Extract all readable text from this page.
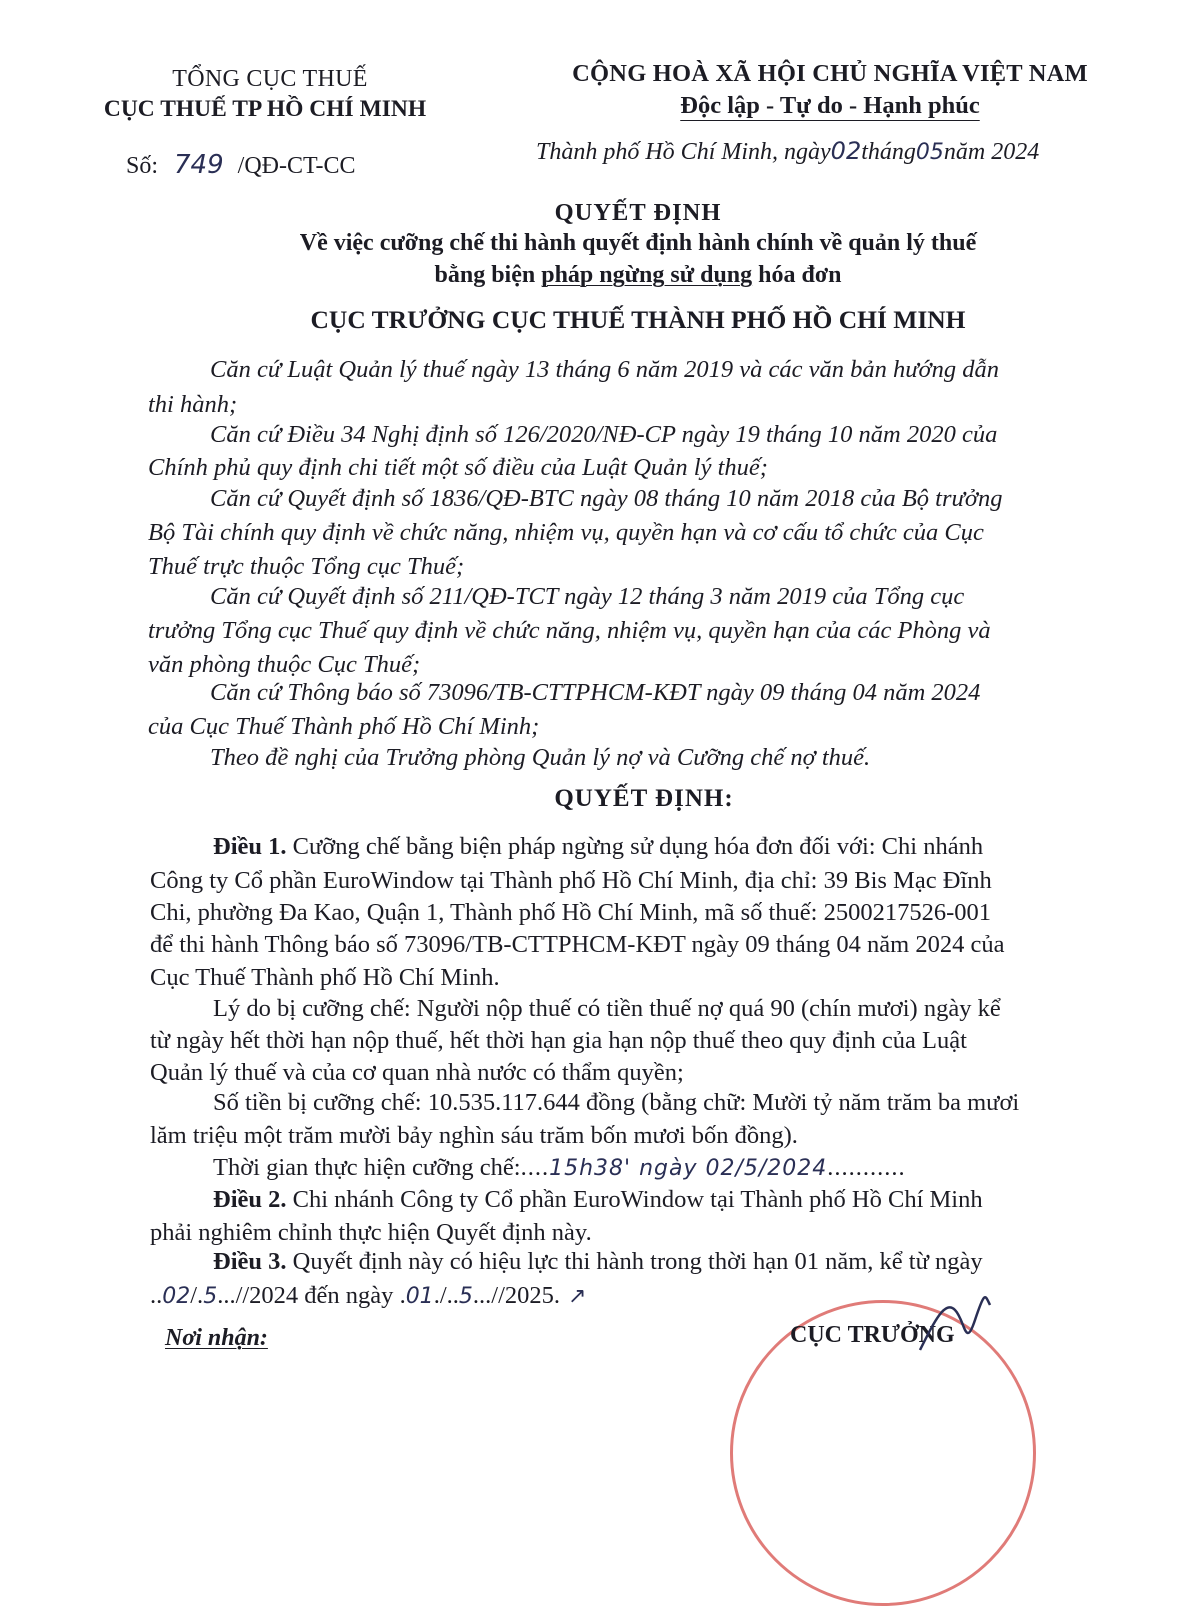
TỔNG CỤC THUẾ
CỤC THUẾ TP HỒ CHÍ MINH
Số: 749 /QĐ-CT-CC
CỘNG HOÀ XÃ HỘI CHỦ NGHĨA VIỆT NAM
Độc lập - Tự do - Hạnh phúc
Thành phố Hồ Chí Minh, ngày02tháng05năm 2024
QUYẾT ĐỊNH
Về việc cưỡng chế thi hành quyết định hành chính về quản lý thuế
bằng biện pháp ngừng sử dụng hóa đơn
CỤC TRƯỞNG CỤC THUẾ THÀNH PHỐ HỒ CHÍ MINH
Căn cứ Luật Quản lý thuế ngày 13 tháng 6 năm 2019 và các văn bản hướng dẫn
thi hành;
Căn cứ Điều 34 Nghị định số 126/2020/NĐ-CP ngày 19 tháng 10 năm 2020 của
Chính phủ quy định chi tiết một số điều của Luật Quản lý thuế;
Căn cứ Quyết định số 1836/QĐ-BTC ngày 08 tháng 10 năm 2018 của Bộ trưởng
Bộ Tài chính quy định về chức năng, nhiệm vụ, quyền hạn và cơ cấu tổ chức của Cục
Thuế trực thuộc Tổng cục Thuế;
Căn cứ Quyết định số 211/QĐ-TCT ngày 12 tháng 3 năm 2019 của Tổng cục
trưởng Tổng cục Thuế quy định về chức năng, nhiệm vụ, quyền hạn của các Phòng và
văn phòng thuộc Cục Thuế;
Căn cứ Thông báo số 73096/TB-CTTPHCM-KĐT ngày 09 tháng 04 năm 2024
của Cục Thuế Thành phố Hồ Chí Minh;
Theo đề nghị của Trưởng phòng Quản lý nợ và Cưỡng chế nợ thuế.
QUYẾT ĐỊNH:
Điều 1. Cưỡng chế bằng biện pháp ngừng sử dụng hóa đơn đối với: Chi nhánh
Công ty Cổ phần EuroWindow tại Thành phố Hồ Chí Minh, địa chỉ: 39 Bis Mạc Đĩnh
Chi, phường Đa Kao, Quận 1, Thành phố Hồ Chí Minh, mã số thuế: 2500217526-001
để thi hành Thông báo số 73096/TB-CTTPHCM-KĐT ngày 09 tháng 04 năm 2024 của
Cục Thuế Thành phố Hồ Chí Minh.
Lý do bị cưỡng chế: Người nộp thuế có tiền thuế nợ quá 90 (chín mươi) ngày kể
từ ngày hết thời hạn nộp thuế, hết thời hạn gia hạn nộp thuế theo quy định của Luật
Quản lý thuế và của cơ quan nhà nước có thẩm quyền;
Số tiền bị cưỡng chế: 10.535.117.644 đồng (bằng chữ: Mười tỷ năm trăm ba mươi
lăm triệu một trăm mười bảy nghìn sáu trăm bốn mươi bốn đồng).
Thời gian thực hiện cưỡng chế:....15h38' ngày 02/5/2024...........
Điều 2. Chi nhánh Công ty Cổ phần EuroWindow tại Thành phố Hồ Chí Minh
phải nghiêm chỉnh thực hiện Quyết định này.
Điều 3. Quyết định này có hiệu lực thi hành trong thời hạn 01 năm, kể từ ngày
..02/.5...//2024 đến ngày .01./..5...//2025. ↗
Nơi nhận:	CỤC TRƯỞNG
